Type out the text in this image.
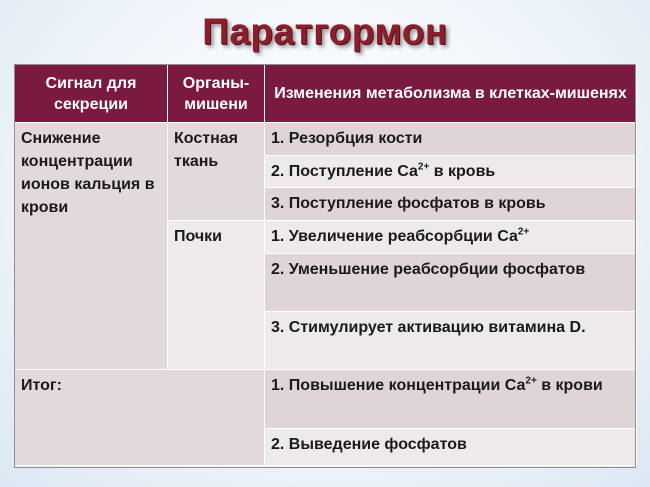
Паратгормон
Сигнал для секреции	Органы-мишени	Изменения метаболизма в клетках-мишенях
Снижение концентрации ионов кальция в крови	Костная ткань	1. Резорбция кости
		2. Поступление $Са^{2+}$ в кровь
		3. Поступление фосфатов в кровь
	Почки	1. Увеличение реабсорбции $Са^{2+}$
		2. Уменьшение реабсорбции фосфатов
		3. Стимулирует активацию витамина D.
Итог:		1. Повышение концентрации $Са^{2+}$ в крови
		2. Выведение фосфатов
